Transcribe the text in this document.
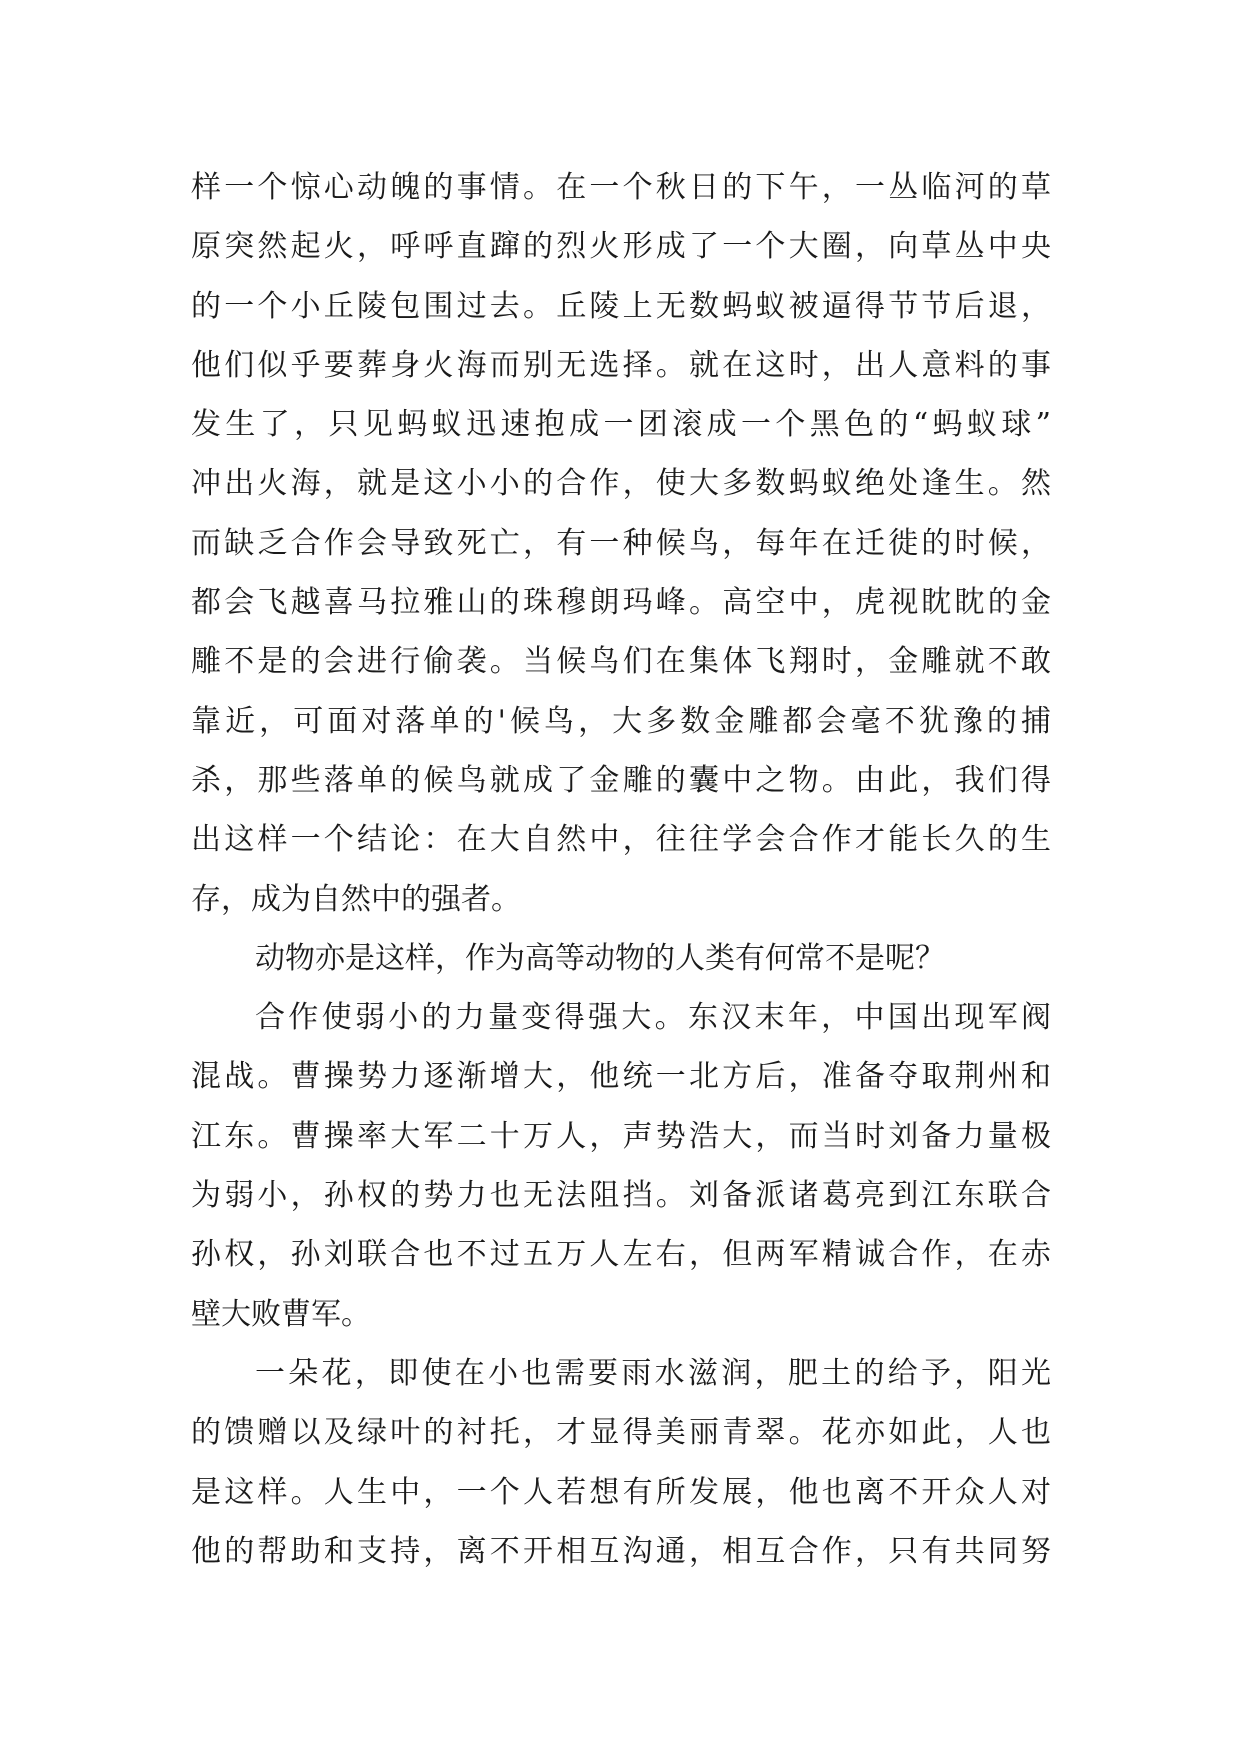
样一个惊心动魄的事情。在一个秋日的下午，一丛临河的草
原突然起火，呼呼直蹿的烈火形成了一个大圈，向草丛中央
的一个小丘陵包围过去。丘陵上无数蚂蚁被逼得节节后退，
他们似乎要葬身火海而别无选择。就在这时，出人意料的事
发生了，只见蚂蚁迅速抱成一团滚成一个黑色的“蚂蚁球”
冲出火海，就是这小小的合作，使大多数蚂蚁绝处逢生。然
而缺乏合作会导致死亡，有一种候鸟，每年在迁徙的时候，
都会飞越喜马拉雅山的珠穆朗玛峰。高空中，虎视眈眈的金
雕不是的会进行偷袭。当候鸟们在集体飞翔时，金雕就不敢
靠近，可面对落单的'候鸟，大多数金雕都会毫不犹豫的捕
杀，那些落单的候鸟就成了金雕的囊中之物。由此，我们得
出这样一个结论：在大自然中，往往学会合作才能长久的生
存，成为自然中的强者。
动物亦是这样，作为高等动物的人类有何常不是呢？
合作使弱小的力量变得强大。东汉末年，中国出现军阀
混战。曹操势力逐渐增大，他统一北方后，准备夺取荆州和
江东。曹操率大军二十万人，声势浩大，而当时刘备力量极
为弱小，孙权的势力也无法阻挡。刘备派诸葛亮到江东联合
孙权，孙刘联合也不过五万人左右，但两军精诚合作，在赤
壁大败曹军。
一朵花，即使在小也需要雨水滋润，肥土的给予，阳光
的馈赠以及绿叶的衬托，才显得美丽青翠。花亦如此，人也
是这样。人生中，一个人若想有所发展，他也离不开众人对
他的帮助和支持，离不开相互沟通，相互合作，只有共同努
